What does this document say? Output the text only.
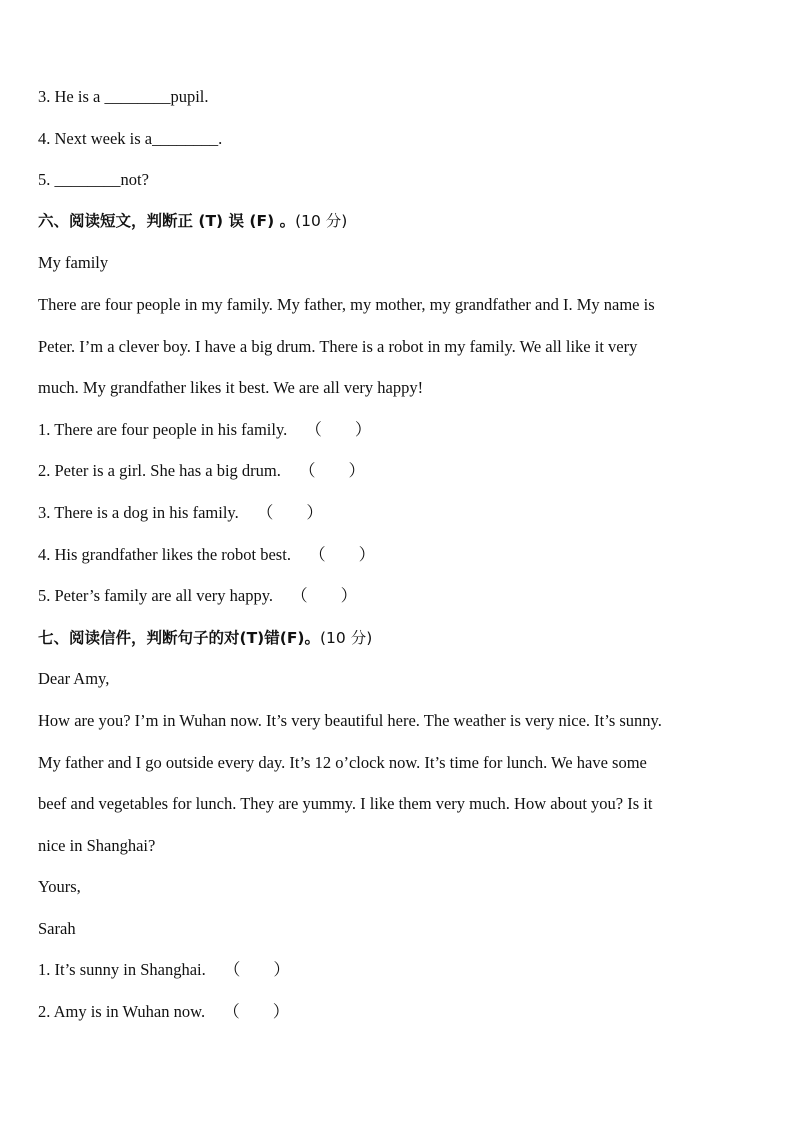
3. He is a ________pupil.
4. Next week is a________.
5. ________not?
六、阅读短文，判断正 (T) 误 (F) 。(10 分)
My family
There are four people in my family. My father, my mother, my grandfather and I. My name is
Peter. I’m a clever boy. I have a big drum. There is a robot in my family. We all like it very
much. My grandfather likes it best. We are all very happy!
1. There are four people in his family. （　　）
2. Peter is a girl. She has a big drum. （　　）
3. There is a dog in his family. （　　）
4. His grandfather likes the robot best. （　　）
5. Peter’s family are all very happy. （　　）
七、阅读信件，判断句子的对(T)错(F)。(10 分)
Dear Amy,
How are you? I’m in Wuhan now. It’s very beautiful here. The weather is very nice. It’s sunny.
My father and I go outside every day. It’s 12 o’clock now. It’s time for lunch. We have some
beef and vegetables for lunch. They are yummy. I like them very much. How about you? Is it
nice in Shanghai?
Yours,
Sarah
1. It’s sunny in Shanghai. （　　）
2. Amy is in Wuhan now. （　　）
